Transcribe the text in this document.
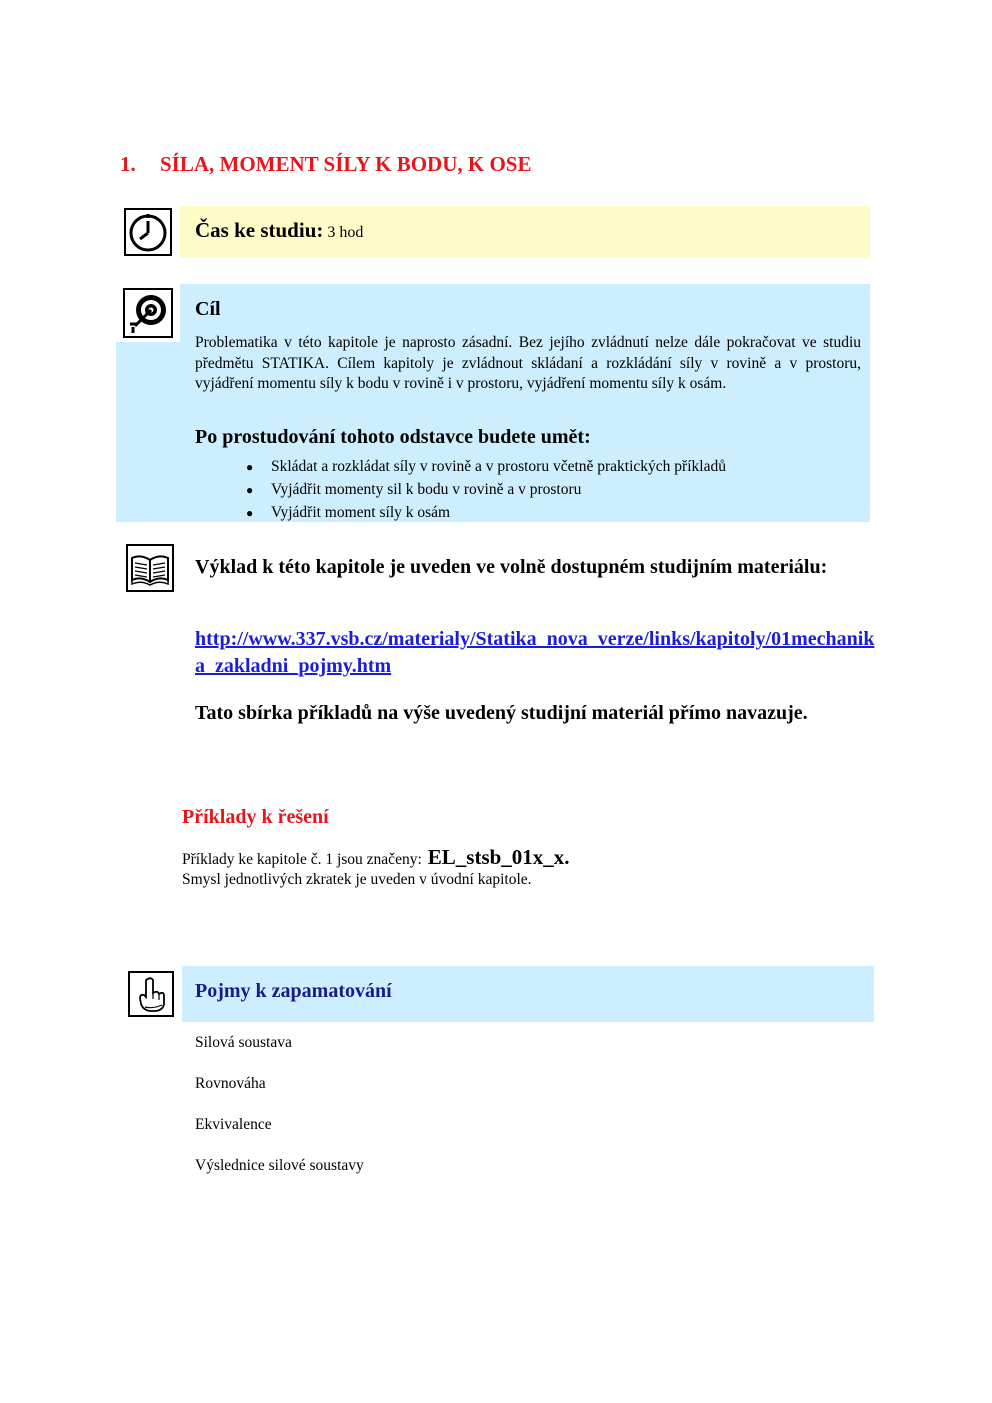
1. SÍLA, MOMENT SÍLY K BODU, K OSE
Čas ke studiu: 3 hod
Cíl
Problematika v této kapitole je naprosto zásadní. Bez jejího zvládnutí nelze dále pokračovat ve studiu předmětu STATIKA. Cílem kapitoly je zvládnout skládaní a rozkládání síly v rovině a v prostoru, vyjádření momentu síly k bodu v rovině i v prostoru, vyjádření momentu síly k osám.
Po prostudování tohoto odstavce budete umět:
● Skládat a rozkládat síly v rovině a v prostoru včetně praktických příkladů
● Vyjádřit momenty sil k bodu v rovině a v prostoru
● Vyjádřit moment síly k osám
Výklad k této kapitole je uveden ve volně dostupném studijním materiálu:
http://www.337.vsb.cz/materialy/Statika_nova_verze/links/kapitoly/01mechanika_zakladni_pojmy.htm
Tato sbírka příkladů na výše uvedený studijní materiál přímo navazuje.
Příklady k řešení
Příklady ke kapitole č. 1 jsou značeny: EL_stsb_01x_x.
Smysl jednotlivých zkratek je uveden v úvodní kapitole.
Pojmy k zapamatování
Silová soustava
Rovnováha
Ekvivalence
Výslednice silové soustavy
